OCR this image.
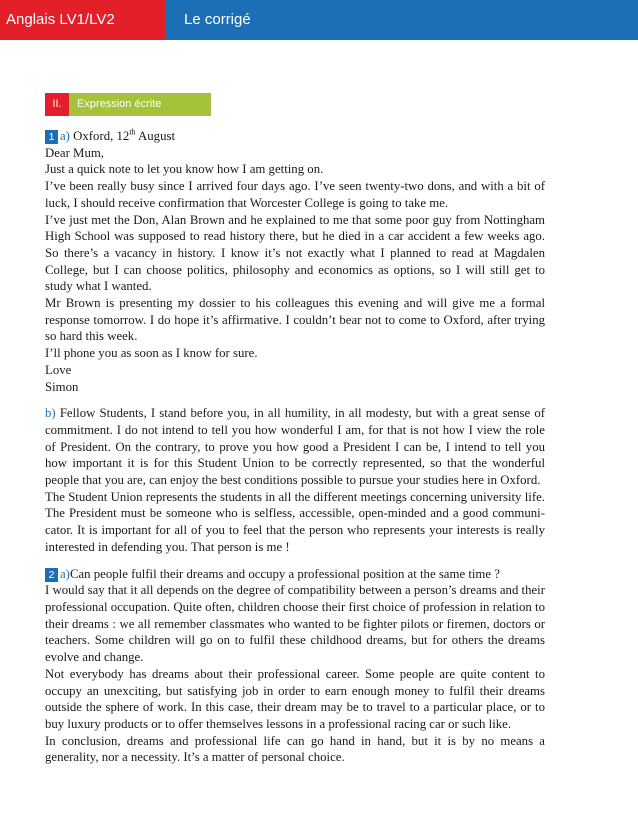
Anglais LV1/LV2	Le corrigé
II.	Expression écrite

1 a) Oxford, 12th August

Dear Mum,

Just a quick note to let you know how I am getting on.

I’ve been really busy since I arrived four days ago. I’ve seen twenty-two dons, and with a bit of luck, I should receive confirmation that Worcester College is going to take me.

I’ve just met the Don, Alan Brown and he explained to me that some poor guy from Nottingham High School was supposed to read history there, but he died in a car accident a few weeks ago. So there’s a vacancy in history. I know it’s not exactly what I planned to read at Magdalen College, but I can choose politics, philosophy and economics as options, so I will still get to study what I wanted.

Mr Brown is presenting my dossier to his colleagues this evening and will give me a formal response tomorrow. I do hope it’s affirmative. I couldn’t bear not to come to Oxford, after trying so hard this week.

I’ll phone you as soon as I know for sure.

Love

Simon

b) Fellow Students, I stand before you, in all humility, in all modesty, but with a great sense of commitment. I do not intend to tell you how wonderful I am, for that is not how I view the role of President. On the contrary, to prove you how good a President I can be, I intend to tell you how important it is for this Student Union to be correctly represented, so that the wonderful people that you are, can enjoy the best conditions possible to pursue your studies here in Oxford.

The Student Union represents the students in all the different meetings concerning university life. The President must be someone who is selfless, accessible, open-minded and a good communicator. It is important for all of you to feel that the person who represents your interests is really interested in defending you. That person is me !

2 a)Can people fulfil their dreams and occupy a professional position at the same time ?

I would say that it all depends on the degree of compatibility between a person’s dreams and their professional occupation. Quite often, children choose their first choice of profession in relation to their dreams : we all remember classmates who wanted to be fighter pilots or firemen, doctors or teachers. Some children will go on to fulfil these childhood dreams, but for others the dreams evolve and change.

Not everybody has dreams about their professional career. Some people are quite content to occupy an unexciting, but satisfying job in order to earn enough money to fulfil their dreams outside the sphere of work. In this case, their dream may be to travel to a particular place, or to buy luxury products or to offer themselves lessons in a professional racing car or such like.

In conclusion, dreams and professional life can go hand in hand, but it is by no means a generality, nor a necessity. It’s a matter of personal choice.
